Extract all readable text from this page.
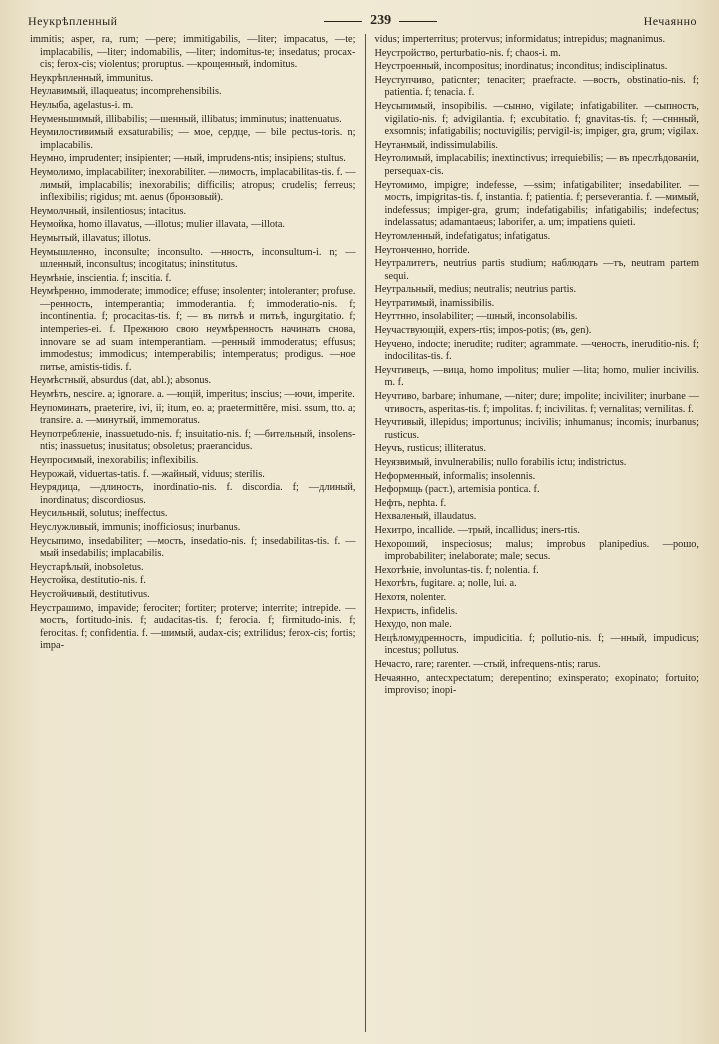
Неукрѣпленный	239	Нечаянно

immitis; asper, ra, rum; —pere; immitigabilis, —liter; impacatus, —te; implacabilis, —liter; indomabilis, —liter; indomitus-te; insedatus; procax-cis; ferox-cis; violentus; proruptus. —крощенный, indomitus.

Неукрѣпленный, immunitus.

Неулавимый, illaqueatus; incomprehensibilis.

Неулыба, agelastus-i. m.

Неуменьшимый, illibabilis; —шенный, illibatus; imminutus; inattenuatus.

Неумилостивимый exsaturabilis; — мое, сердце, — bile pectus-toris. n; implacabilis.

Неумно, imprudenter; insipienter; —ный, imprudens-ntis; insipiens; stultus.

Неумолимо, implacabiliter; inexorabiliter. —лимость, implacabilitas-tis. f. —лимый, implacabilis; inexorabilis; difficilis; atropus; crudelis; ferreus; inflexibilis; rigidus; mt. aenus (бронзовый).

Неумолчный, insilentiosus; intacitus.

Неумойка, homo illavatus, —illotus; mulier illavata, —illota.

Неумытый, illavatus; illotus.

Неумышленно, inconsulte; inconsulto. —нность, inconsultum-i. n; —шленный, inconsultus; incogitatus; ininstitutus.

Неумѣніе, inscientia. f; inscitia. f.

Неумѣренно, immoderate; immodice; effuse; insolenter; intoleranter; profuse. —ренность, intemperantia; immoderantia. f; immoderatio-nis. f; incontinentia. f; procacitas-tis. f; — въ питьѣ и питьѣ, ingurgitatio. f; intemperies-ei. f. Прежнюю свою неумѣренность начинать снова, innovare se ad suam intemperantiam. —ренный immoderatus; effusus; immodestus; immodicus; intemperabilis; intemperatus; prodigus. —ное питье, amistis-tidis. f.

Неумѣстный, absurdus (dat, abl.); absonus.

Неумѣть, nescire. a; ignorare. a. —ющій, imperitus; inscius; —ючи, imperite.

Неупоминать, praeterire, ivi, ii; itum, eo. a; praetermittěre, misi. ssum, tto. a; transire. a. —минутый, immemoratus.

Неупотребленіе, inassuetudo-nis. f; insuitatio-nis. f; —бительный, insolens-ntis; inassuetus; inusitatus; obsoletus; praerancidus.

Неупросимый, inexorabilis; inflexibilis.

Неурожай, viduertas-tatis. f. —жайный, viduus; sterilis.

Неурядица, —длиность, inordinatio-nis. f. discordia. f; —длиный, inordinatus; discordiosus.

Неусильный, solutus; ineffectus.

Неуслужливый, immunis; inofficiosus; inurbanus.

Неусыпимо, insedabiliter; —мость, insedatio-nis. f; insedabilitas-tis. f. —мый insedabilis; implacabilis.

Неустарѣлый, inobsoletus.

Неустойка, destitutio-nis. f.

Неустойчивый, destitutivus.

Неустрашимо, impavide; ferociter; fortiter; proterve; interrite; intrepide. —мость, fortitudo-inis. f; audacitas-tis. f; ferocia. f; firmitudo-inis. f; ferocitas. f; confidentia. f. —шимый, audax-cis; extrilidus; ferox-cis; fortis; impa-

vidus; imperterritus; protervus; informidatus; intrepidus; magnanimus.

Неустройство, perturbatio-nis. f; chaos-i. m.

Неустроенный, incompositus; inordinatus; inconditus; indisciplinatus.

Неуступчиво, paticnter; tenaciter; praefracte. —вость, obstinatio-nis. f; patientia. f; tenacia. f.

Неусыпимый, insopibilis. —сынно, vigilate; infatigabiliter. —сыпность, vigilatio-nis. f; advigilantia. f; excubitatio. f; gnavitas-tis. f; —сннный, exsomnis; infatigabilis; noctuvigilis; pervigil-is; impiger, gra, grum; vigilax.

Неутанмый, indissimulabilis.

Неутолимый, implacabilis; inextinctivus; irrequiebilis; — въ преслѣдованіи, persequax-cis.

Неутомимо, impigre; indefesse, —ssim; infatigabiliter; insedabiliter. —мость, impigritas-tis. f, instantia. f; patientia. f; perseverantia. f. —мимый, indefessus; impiger-gra, grum; indefatigabilis; infatigabilis; indefectus; indelassatus; adamantaeus; laborifer, a. um; impatiens quieti.

Неутомленный, indefatigatus; infatigatus.

Неутонченно, horride.

Неутралитетъ, neutrius partis studium; наблюдать —тъ, neutram partem sequi.

Неутральный, medius; neutralis; neutrius partis.

Неутратимый, inamissibilis.

Неуттнно, insolabiliter; —шный, inconsolabilis.

Неучаствующій, expers-rtis; impos-potis; (въ, gen).

Неучено, indocte; inerudite; ruditer; agrammate. —ченость, ineruditio-nis. f; indocilitas-tis. f.

Неучтивецъ, —вица, homo impolitus; mulier —lita; homo, mulier incivilis. m. f.

Неучтиво, barbare; inhumane, —niter; dure; impolite; inciviliter; inurbane —чтивость, asperitas-tis. f; impolitas. f; incivilitas. f; vernalitas; vernilitas. f.

Неучтивый, illepidus; importunus; incivilis; inhumanus; incomis; inurbanus; rusticus.

Неучъ, rusticus; illiteratus.

Неуязвимый, invulnerabilis; nullo forabilis ictu; indistrictus.

Неформенный, informalis; insolennis.

Неформщь (раст.), artemisia pontica. f.

Нефть, nephta. f.

Нехваленый, illaudatus.

Нехитро, incallide. —трый, incallidus; iners-rtis.

Нехороший, inspeciosus; malus; improbus planipedius. —рошо, improbabiliter; inelaborate; male; secus.

Нехотѣніе, involuntas-tis. f; nolentia. f.

Нехотѣть, fugitare. a; nolle, lui. a.

Нехотя, nolenter.

Нехристь, infidelis.

Нехудо, non male.

Нецѣломудренность, impudicitia. f; pollutio-nis. f; —нный, impudicus; incestus; pollutus.

Нечасто, rare; rarenter. —стый, infrequens-ntis; rarus.

Нечаянно, antecxpectatum; derepentino; exinsperato; exopinato; fortuito; improviso; inopi-
